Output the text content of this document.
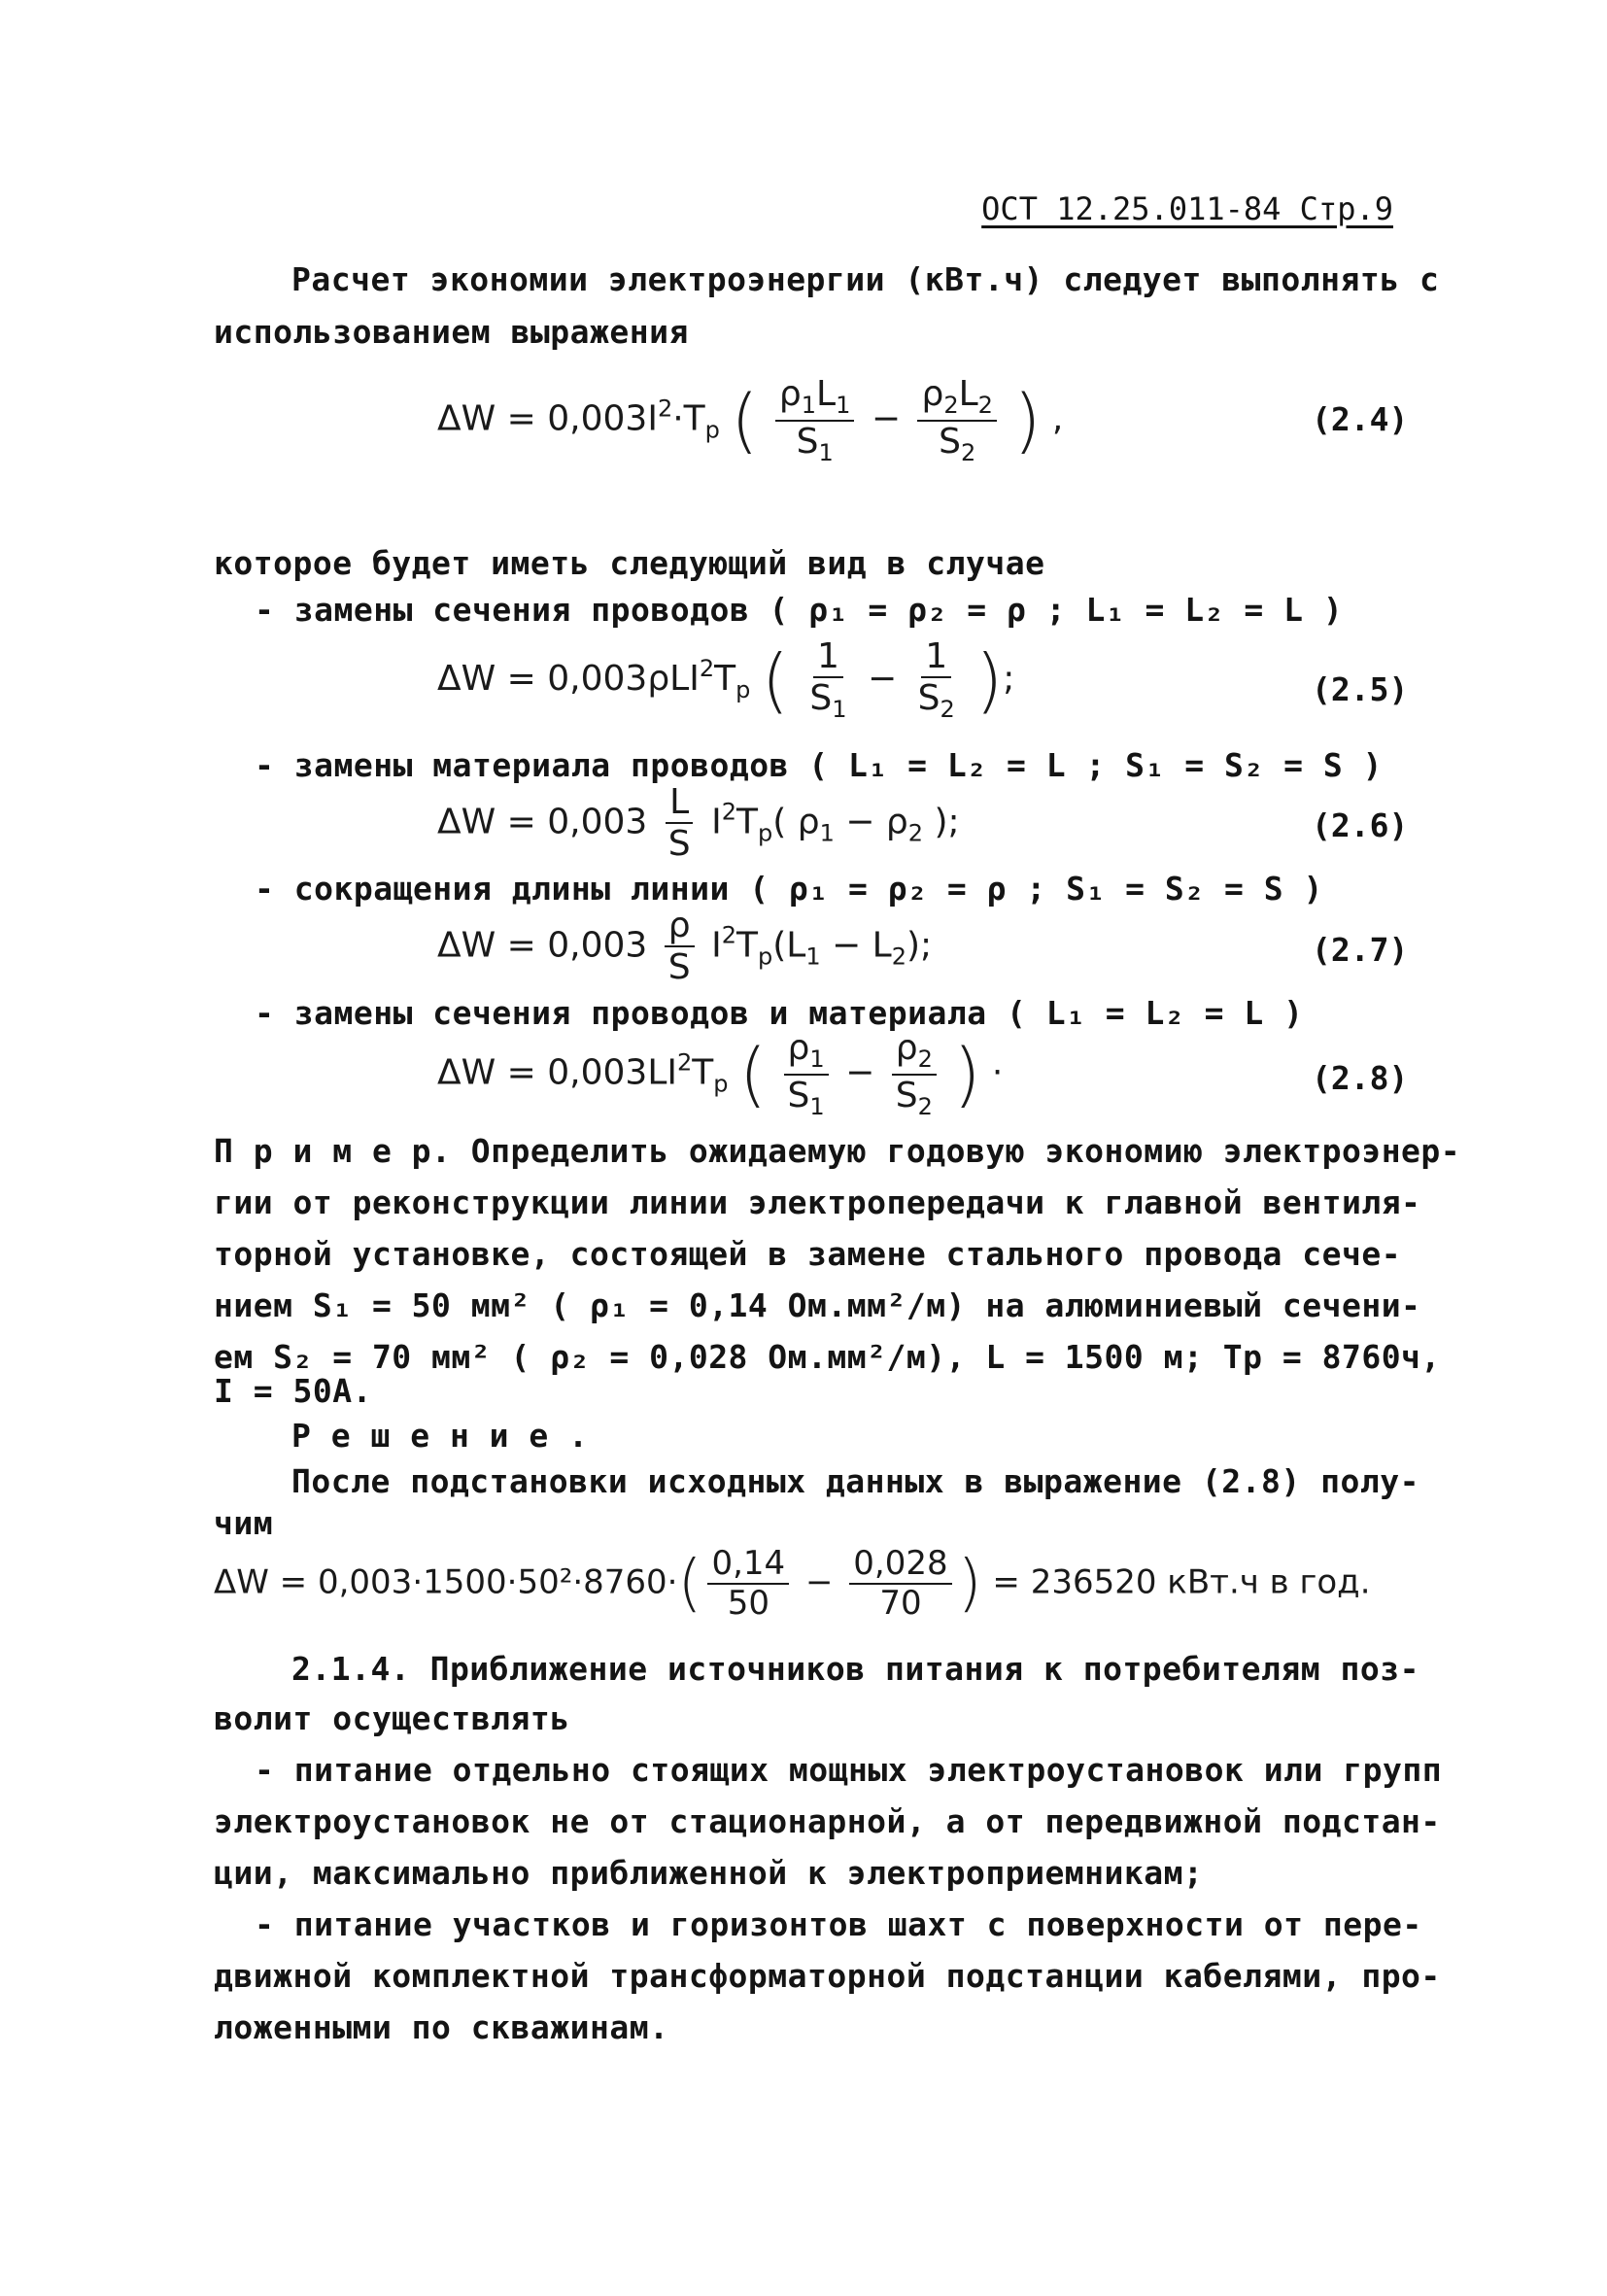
ОСТ 12.25.011-84 Стр.9
Расчет экономии электроэнергии (кВт.ч) следует выполнять с
использованием выражения
$\Delta W = 0,003I^2\cdot T_р$ ( $\frac{\rho_1L_1}{S_1} - \frac{\rho_2L_2}{S_2}$ ) ,	(2.4)
которое будет иметь следующий вид в случае
- замены сечения проводов ( ρ₁ = ρ₂ = ρ ; L₁ = L₂ = L )
$\Delta W = 0,003\rho LI^2T_р$ ( $\frac{1}{S_1} - \frac{1}{S_2}$ );	(2.5)
- замены материала проводов ( L₁ = L₂ = L ; S₁ = S₂ = S )
$\Delta W = 0,003 \frac{L}{S} I^2T_р$( $\rho_1 - \rho_2$ );	(2.6)
- сокращения длины линии ( ρ₁ = ρ₂ = ρ ; S₁ = S₂ = S )
$\Delta W = 0,003 \frac{\rho}{S} I^2T_р(L_1 - L_2)$;	(2.7)
- замены сечения проводов и материала ( L₁ = L₂ = L )
$\Delta W = 0,003LI^2T_р$ ( $\frac{\rho_1}{S_1} - \frac{\rho_2}{S_2}$ ) ·	(2.8)
П р и м е р. Определить ожидаемую годовую экономию электроэнер-
гии от реконструкции линии электропередачи к главной вентиля-
торной установке, состоящей в замене стального провода сече-
нием S₁ = 50 мм² ( ρ₁ = 0,14 Ом.мм²/м) на алюминиевый сечени-
ем S₂ = 70 мм² ( ρ₂ = 0,028 Ом.мм²/м), L = 1500 м; Tр = 8760ч,
I = 50А.
Р е ш е н и е .
После подстановки исходных данных в выражение (2.8) полу-
чим
$\Delta W = 0,003\cdot 1500\cdot 50^2\cdot 8760\cdot( \frac{0,14}{50} - \frac{0,028}{70}$ ) = 236520 кВт.ч в год.
2.1.4. Приближение источников питания к потребителям поз-
волит осуществлять
- питание отдельно стоящих мощных электроустановок или групп
электроустановок не от стационарной, а от передвижной подстан-
ции, максимально приближенной к электроприемникам;
- питание участков и горизонтов шахт с поверхности от пере-
движной комплектной трансформаторной подстанции кабелями, про-
ложенными по скважинам.
